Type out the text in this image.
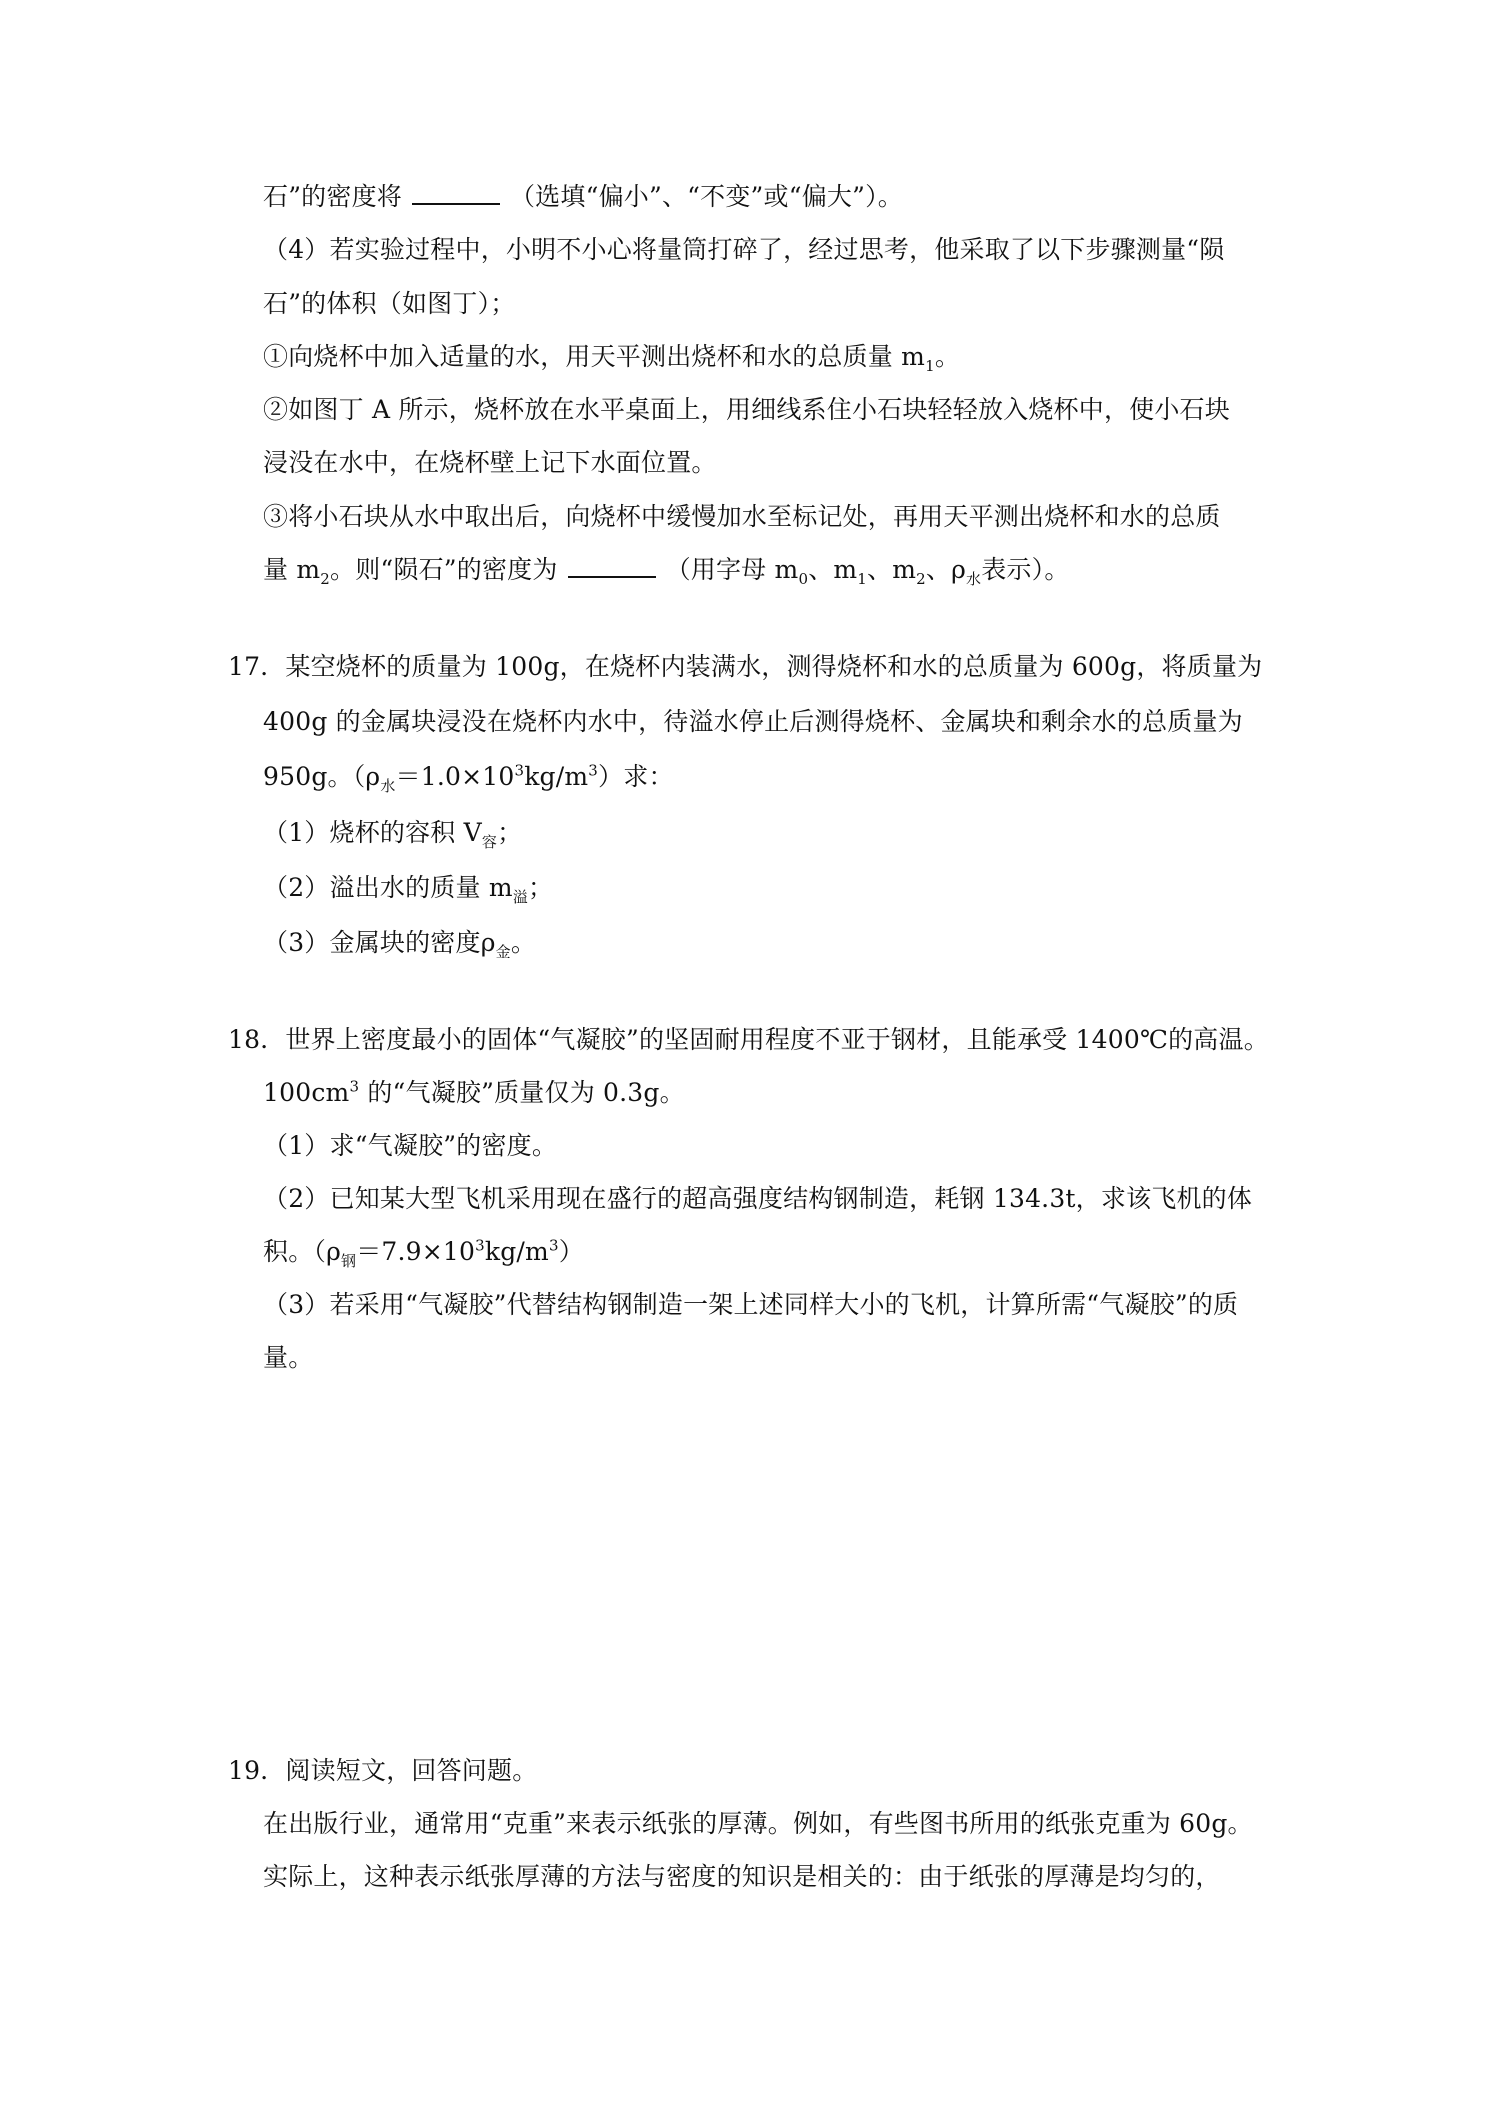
石”的密度将	（选填“偏小”、“不变”或“偏大”）。
（4）若实验过程中，小明不小心将量筒打碎了，经过思考，他采取了以下步骤测量“陨
石”的体积（如图丁）；
①向烧杯中加入适量的水，用天平测出烧杯和水的总质量 $m_1$。
②如图丁 A 所示，烧杯放在水平桌面上，用细线系住小石块轻轻放入烧杯中，使小石块
浸没在水中，在烧杯壁上记下水面位置。
③将小石块从水中取出后，向烧杯中缓慢加水至标记处，再用天平测出烧杯和水的总质
量 $m_2$。则“陨石”的密度为	（用字母 $m_0$、$m_1$、$m_2$、$\rho_水$表示）。
17．某空烧杯的质量为 100g，在烧杯内装满水，测得烧杯和水的总质量为 600g，将质量为
400g 的金属块浸没在烧杯内水中，待溢水停止后测得烧杯、金属块和剩余水的总质量为
950g。$(\rho_水=1.0\times 10^3kg/m^3)$求：
（1）烧杯的容积 $V_容$；
（2）溢出水的质量 $m_溢$；
（3）金属块的密度$\rho_金$。
18．世界上密度最小的固体“气凝胶”的坚固耐用程度不亚于钢材，且能承受 1400℃的高温。
$100cm^3$ 的“气凝胶”质量仅为 0.3g。
（1）求“气凝胶”的密度。
（2）已知某大型飞机采用现在盛行的超高强度结构钢制造，耗钢 134.3t，求该飞机的体
积。$(\rho_钢=7.9\times 10^3kg/m^3)$
（3）若采用“气凝胶”代替结构钢制造一架上述同样大小的飞机，计算所需“气凝胶”的质
量。
19．阅读短文，回答问题。
在出版行业，通常用“克重”来表示纸张的厚薄。例如，有些图书所用的纸张克重为 60g。
实际上，这种表示纸张厚薄的方法与密度的知识是相关的：由于纸张的厚薄是均匀的，
